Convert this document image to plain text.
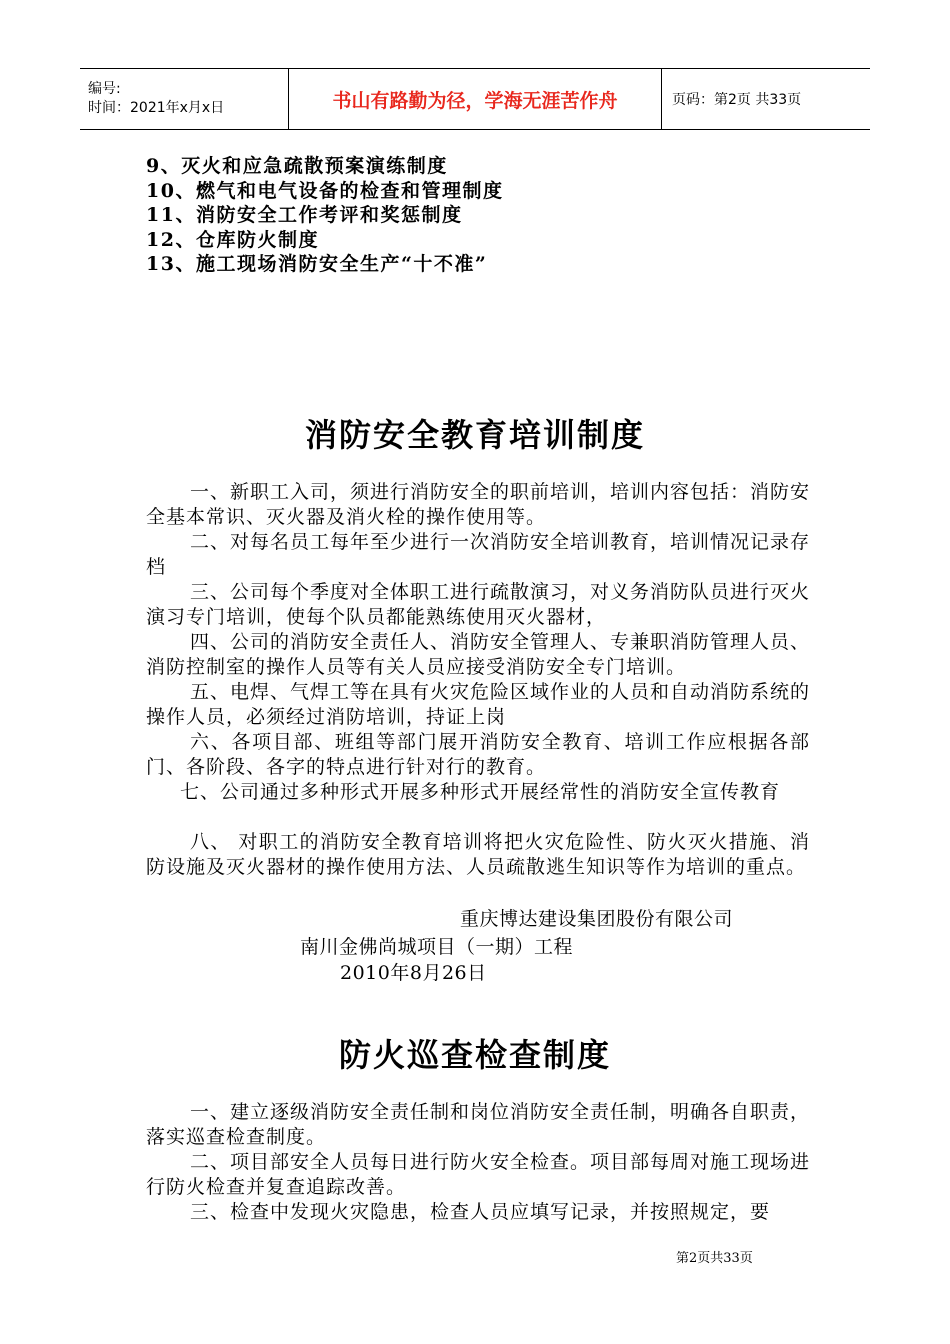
编号:
时间：2021年x月x日	书山有路勤为径，学海无涯苦作舟	页码：第2页 共33页
9、灭火和应急疏散预案演练制度
10、燃气和电气设备的检查和管理制度
11、消防安全工作考评和奖惩制度
12、仓库防火制度
13、施工现场消防安全生产“十不准”
消防安全教育培训制度

一、新职工入司，须进行消防安全的职前培训，培训内容包括：消防安全基本常识、灭火器及消火栓的操作使用等。

二、对每名员工每年至少进行一次消防安全培训教育，培训情况记录存档

三、公司每个季度对全体职工进行疏散演习，对义务消防队员进行灭火演习专门培训，使每个队员都能熟练使用灭火器材，

四、公司的消防安全责任人、消防安全管理人、专兼职消防管理人员、消防控制室的操作人员等有关人员应接受消防安全专门培训。

五、电焊、气焊工等在具有火灾危险区域作业的人员和自动消防系统的操作人员，必须经过消防培训，持证上岗

六、各项目部、班组等部门展开消防安全教育、培训工作应根据各部门、各阶段、各字的特点进行针对行的教育。

七、公司通过多种形式开展多种形式开展经常性的消防安全宣传教育

八、 对职工的消防安全教育培训将把火灾危险性、防火灭火措施、消防设施及灭火器材的操作使用方法、人员疏散逃生知识等作为培训的重点。

重庆博达建设集团股份有限公司

南川金佛尚城项目（一期）工程

2010年8月26日

防火巡查检查制度

一、建立逐级消防安全责任制和岗位消防安全责任制，明确各自职责，落实巡查检查制度。

二、项目部安全人员每日进行防火安全检查。项目部每周对施工现场进行防火检查并复查追踪改善。

三、检查中发现火灾隐患，检查人员应填写记录，并按照规定，要

第2页共33页
